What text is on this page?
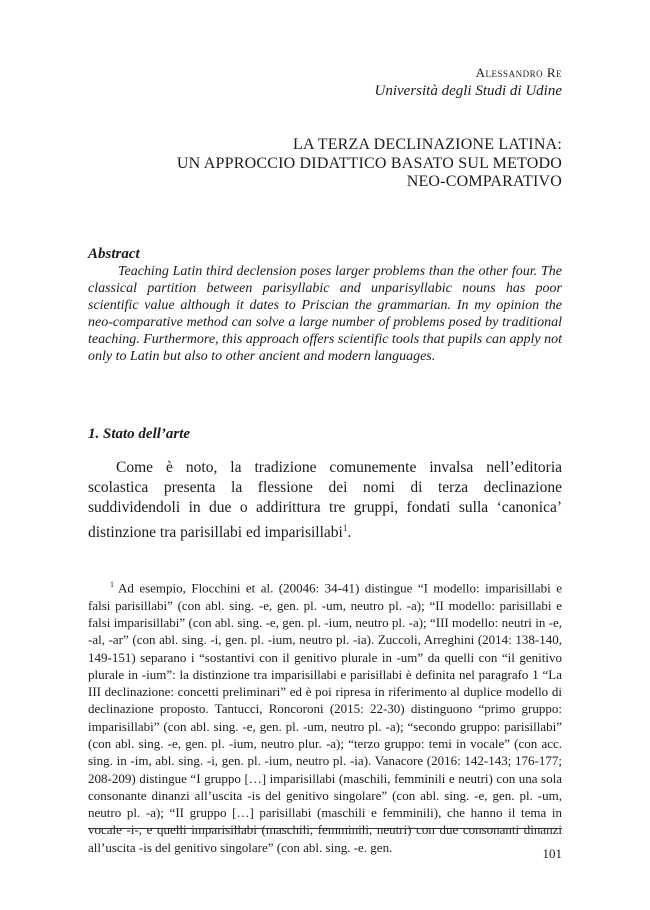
Alessandro Re
Università degli Studi di Udine
LA TERZA DECLINAZIONE LATINA:
UN APPROCCIO DIDATTICO BASATO SUL METODO
NEO-COMPARATIVO
Abstract

Teaching Latin third declension poses larger problems than the other four. The classical partition between parisyllabic and unparisyllabic nouns has poor scientific value although it dates to Priscian the grammarian. In my opinion the neo-comparative method can solve a large number of problems posed by traditional teaching. Furthermore, this approach offers scientific tools that pupils can apply not only to Latin but also to other ancient and modern languages.

1. Stato dell’arte

Come è noto, la tradizione comunemente invalsa nell’editoria scolastica presenta la flessione dei nomi di terza declinazione suddividendoli in due o addirittura tre gruppi, fondati sulla ‘canonica’ distinzione tra parisillabi ed imparisillabi$^1$.

$^1$ Ad esempio, Flocchini et al. (20046: 34-41) distingue “I modello: imparisillabi e falsi parisillabi” (con abl. sing. -e, gen. pl. -um, neutro pl. -a); “II modello: parisillabi e falsi imparisillabi” (con abl. sing. -e, gen. pl. -ium, neutro pl. -a); “III modello: neutri in -e, -al, -ar” (con abl. sing. -i, gen. pl. -ium, neutro pl. -ia). Zuccoli, Arreghini (2014: 138-140, 149-151) separano i “sostantivi con il genitivo plurale in -um” da quelli con “il genitivo plurale in -ium”: la distinzione tra imparisillabi e parisillabi è definita nel paragrafo 1 “La III declinazione: concetti preliminari” ed è poi ripresa in riferimento al duplice modello di declinazione proposto. Tantucci, Roncoroni (2015: 22-30) distinguono “primo gruppo: imparisillabi” (con abl. sing. -e, gen. pl. -um, neutro pl. -a); “secondo gruppo: parisillabi” (con abl. sing. -e, gen. pl. -ium, neutro plur. -a); “terzo gruppo: temi in vocale” (con acc. sing. in -im, abl. sing. -i, gen. pl. -ium, neutro pl. -ia). Vanacore (2016: 142-143; 176-177; 208-209) distingue “I gruppo […] imparisillabi (maschili, femminili e neutri) con una sola consonante dinanzi all’uscita -is del genitivo singolare” (con abl. sing. -e, gen. pl. -um, neutro pl. -a); “II gruppo […] parisillabi (maschili e femminili), che hanno il tema in vocale -i-, e quelli imparisillabi (maschili, femminili, neutri) con due consonanti dinanzi all’uscita -is del genitivo singolare” (con abl. sing. -e. gen.	101
